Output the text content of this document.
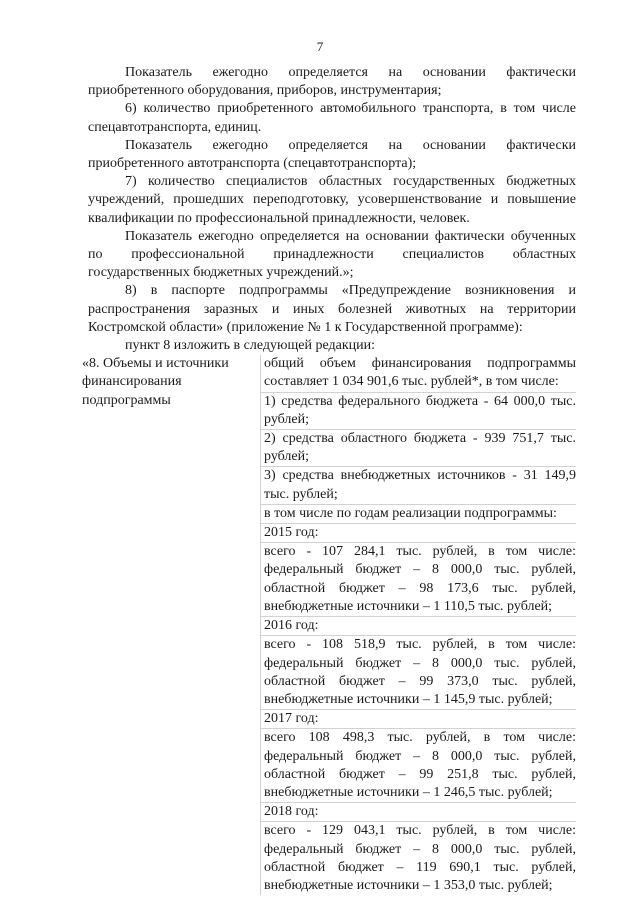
7

Показатель ежегодно определяется на основании фактически приобретенного оборудования, приборов, инструментария;

6) количество приобретенного автомобильного транспорта, в том числе спецавтотранспорта, единиц.

Показатель ежегодно определяется на основании фактически приобретенного автотранспорта (спецавтотранспорта);

7) количество специалистов областных государственных бюджетных учреждений, прошедших переподготовку, усовершенствование и повышение квалификации по профессиональной принадлежности, человек.

Показатель ежегодно определяется на основании фактически обученных по профессиональной принадлежности специалистов областных государственных бюджетных учреждений.»;

8) в паспорте подпрограммы «Предупреждение возникновения и распространения заразных и иных болезней животных на территории Костромской области» (приложение № 1 к Государственной программе):

пункт 8 изложить в следующей редакции:

«8. Объемы и источники финансирования подпрограммы
общий объем финансирования подпрограммы составляет 1 034 901,6 тыс. рублей*, в том числе:
1) средства федерального бюджета - 64 000,0 тыс. рублей;
2) средства областного бюджета - 939 751,7 тыс. рублей;
3) средства внебюджетных источников - 31 149,9 тыс. рублей;
в том числе по годам реализации подпрограммы:
2015 год:
всего - 107 284,1 тыс. рублей, в том числе: федеральный бюджет – 8 000,0 тыс. рублей, областной бюджет – 98 173,6 тыс. рублей, внебюджетные источники – 1 110,5 тыс. рублей;
2016 год:
всего - 108 518,9 тыс. рублей, в том числе: федеральный бюджет – 8 000,0 тыс. рублей, областной бюджет – 99 373,0 тыс. рублей, внебюджетные источники – 1 145,9 тыс. рублей;
2017 год:
всего 108 498,3 тыс. рублей, в том числе: федеральный бюджет – 8 000,0 тыс. рублей, областной бюджет – 99 251,8 тыс. рублей, внебюджетные источники – 1 246,5 тыс. рублей;
2018 год:
всего - 129 043,1 тыс. рублей, в том числе: федеральный бюджет – 8 000,0 тыс. рублей, областной бюджет – 119 690,1 тыс. рублей, внебюджетные источники – 1 353,0 тыс. рублей;
